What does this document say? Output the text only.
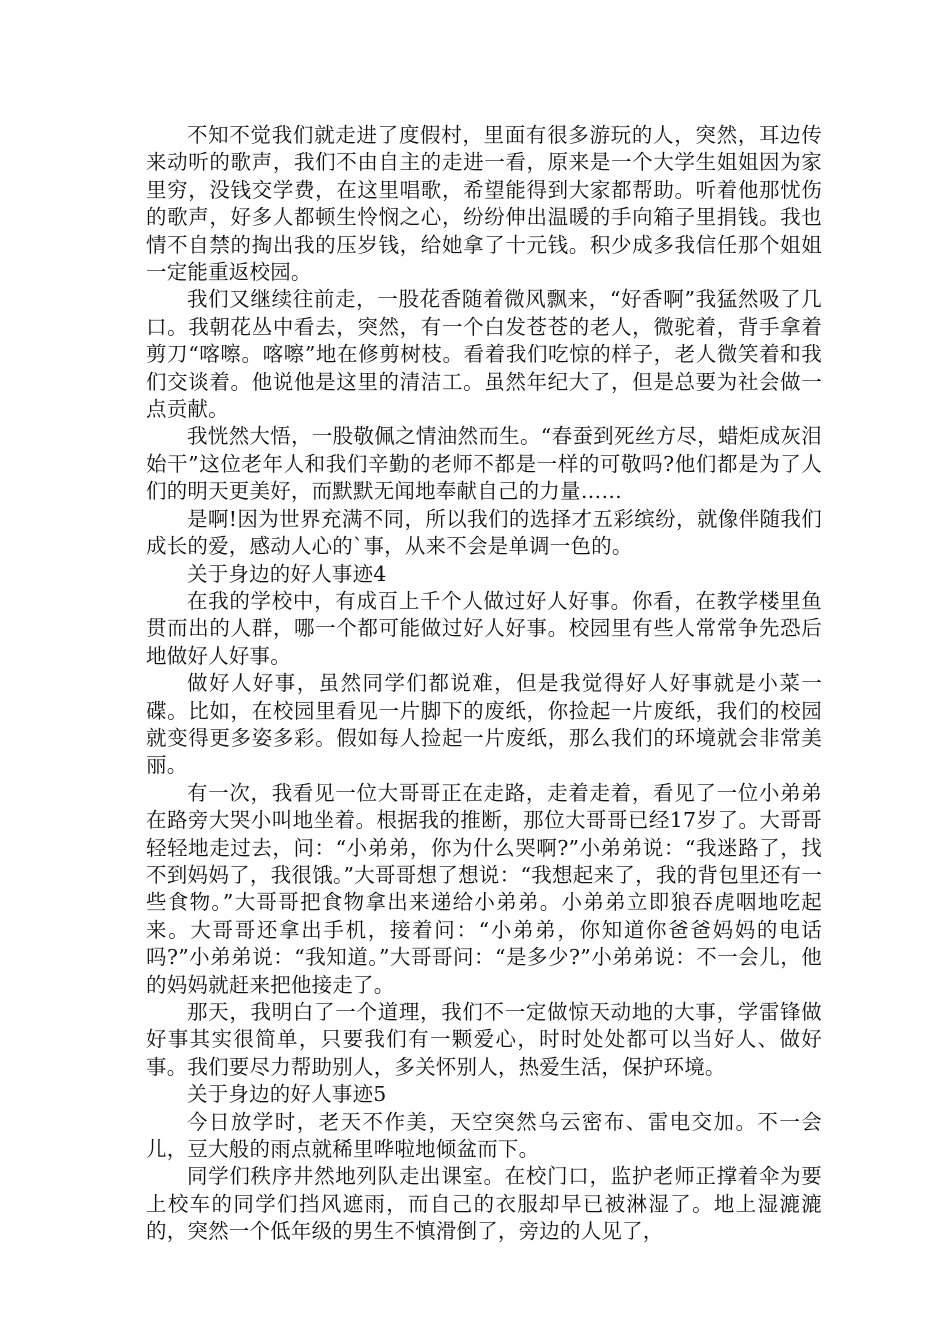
不知不觉我们就走进了度假村，里面有很多游玩的人，突然，耳边传来动听的歌声，我们不由自主的走进一看，原来是一个大学生姐姐因为家里穷，没钱交学费，在这里唱歌，希望能得到大家都帮助。听着他那忧伤的歌声，好多人都顿生怜悯之心，纷纷伸出温暖的手向箱子里捐钱。我也情不自禁的掏出我的压岁钱，给她拿了十元钱。积少成多我信任那个姐姐一定能重返校园。

我们又继续往前走，一股花香随着微风飘来，“好香啊”我猛然吸了几口。我朝花丛中看去，突然，有一个白发苍苍的老人，微驼着，背手拿着剪刀“喀嚓。喀嚓”地在修剪树枝。看着我们吃惊的样子，老人微笑着和我们交谈着。他说他是这里的清洁工。虽然年纪大了，但是总要为社会做一点贡献。

我恍然大悟，一股敬佩之情油然而生。“春蚕到死丝方尽，蜡炬成灰泪始干”这位老年人和我们辛勤的老师不都是一样的可敬吗?他们都是为了人们的明天更美好，而默默无闻地奉献自己的力量……

是啊!因为世界充满不同，所以我们的选择才五彩缤纷，就像伴随我们成长的爱，感动人心的`事，从来不会是单调一色的。

关于身边的好人事迹4

在我的学校中，有成百上千个人做过好人好事。你看，在教学楼里鱼贯而出的人群，哪一个都可能做过好人好事。校园里有些人常常争先恐后地做好人好事。

做好人好事，虽然同学们都说难，但是我觉得好人好事就是小菜一碟。比如，在校园里看见一片脚下的废纸，你捡起一片废纸，我们的校园就变得更多姿多彩。假如每人捡起一片废纸，那么我们的环境就会非常美丽。

有一次，我看见一位大哥哥正在走路，走着走着，看见了一位小弟弟在路旁大哭小叫地坐着。根据我的推断，那位大哥哥已经17岁了。大哥哥轻轻地走过去，问：“小弟弟，你为什么哭啊?”小弟弟说：“我迷路了，找不到妈妈了，我很饿。”大哥哥想了想说：“我想起来了，我的背包里还有一些食物。”大哥哥把食物拿出来递给小弟弟。小弟弟立即狼吞虎咽地吃起来。大哥哥还拿出手机，接着问：“小弟弟，你知道你爸爸妈妈的电话吗?”小弟弟说：“我知道。”大哥哥问：“是多少?”小弟弟说：不一会儿，他的妈妈就赶来把他接走了。

那天，我明白了一个道理，我们不一定做惊天动地的大事，学雷锋做好事其实很简单，只要我们有一颗爱心，时时处处都可以当好人、做好事。我们要尽力帮助别人，多关怀别人，热爱生活，保护环境。

关于身边的好人事迹5

今日放学时，老天不作美，天空突然乌云密布、雷电交加。不一会儿，豆大般的雨点就稀里哗啦地倾盆而下。

同学们秩序井然地列队走出课室。在校门口，监护老师正撑着伞为要上校车的同学们挡风遮雨，而自己的衣服却早已被淋湿了。地上湿漉漉的，突然一个低年级的男生不慎滑倒了，旁边的人见了，
